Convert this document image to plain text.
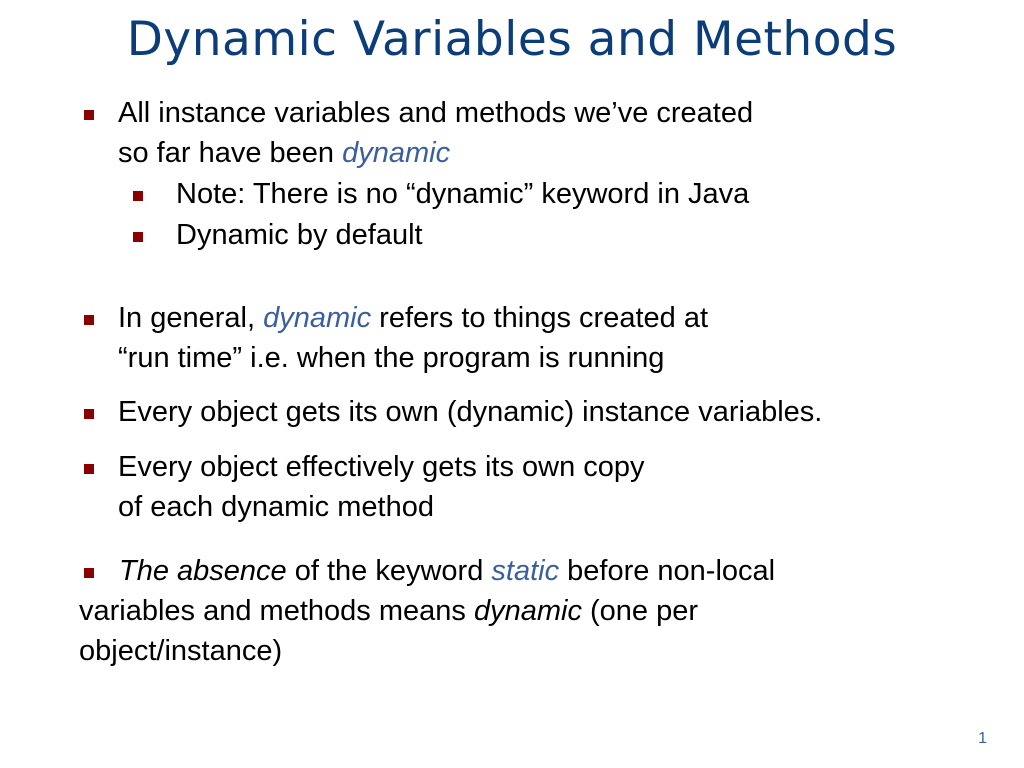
Dynamic Variables and Methods
All instance variables and methods we’ve created
so far have been dynamic
Note: There is no “dynamic” keyword in Java
Dynamic by default
In general, dynamic refers to things created at
“run time” i.e. when the program is running
Every object gets its own (dynamic) instance variables.
Every object effectively gets its own copy
of each dynamic method
The absence of the keyword static before non-local
variables and methods means dynamic (one per
object/instance)
1
